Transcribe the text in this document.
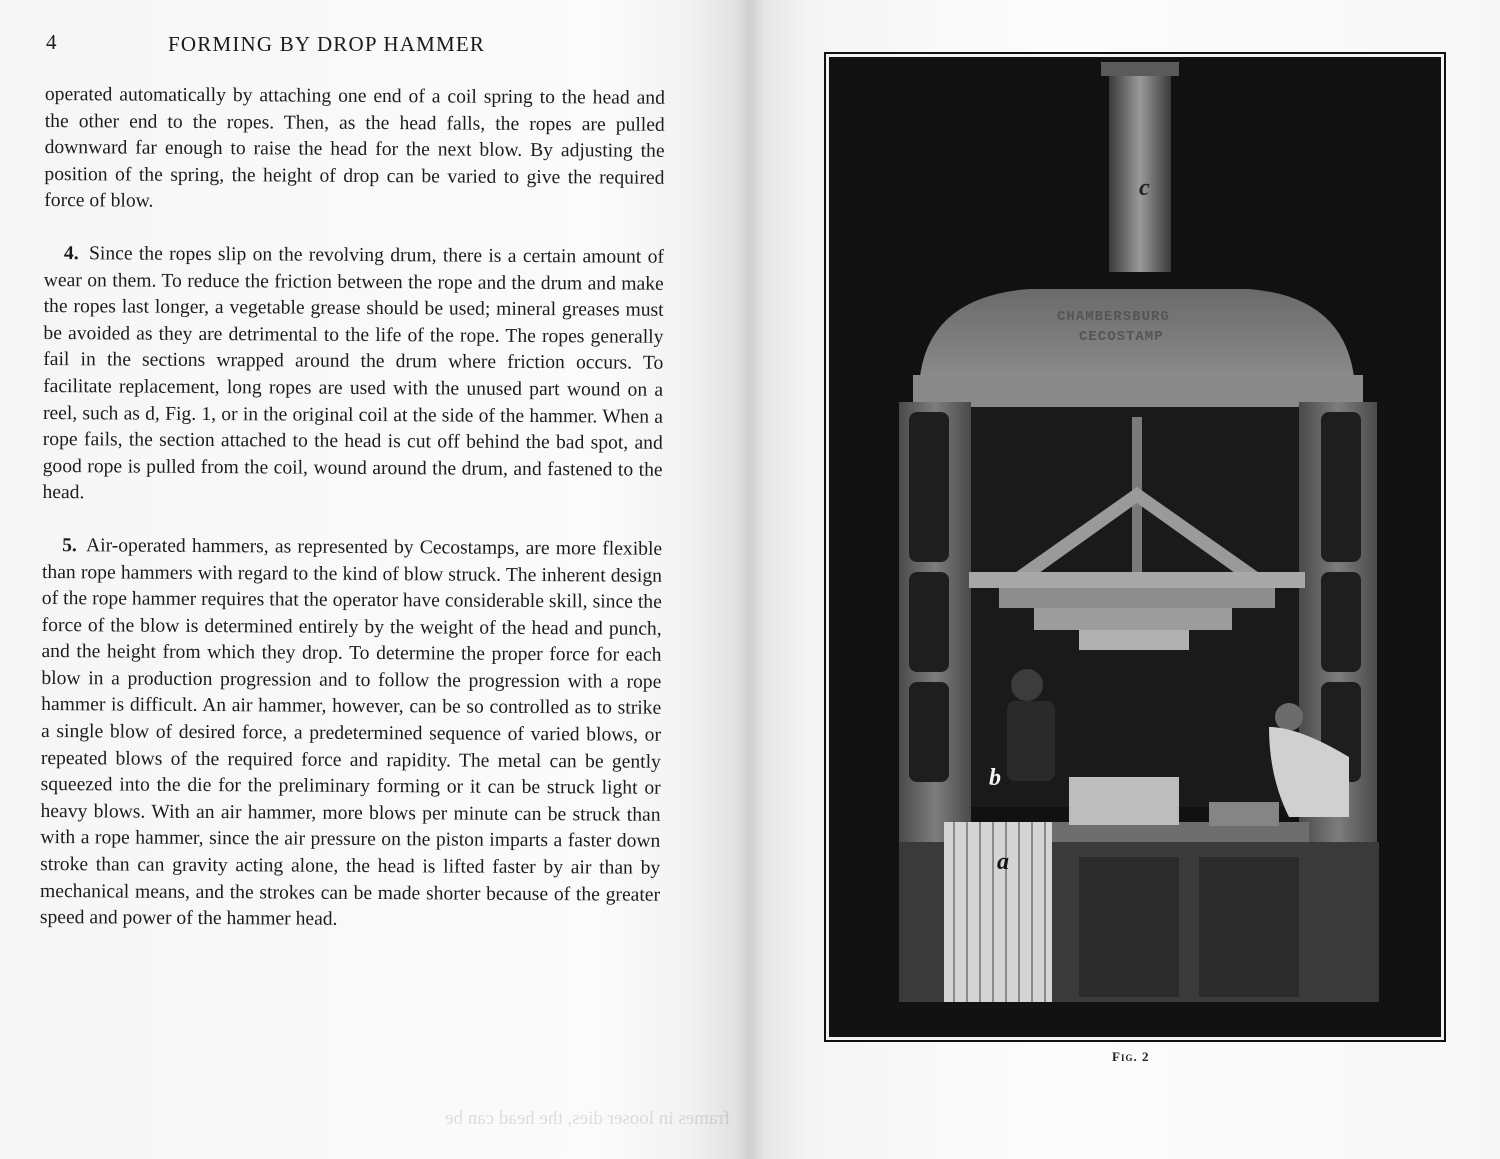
4	FORMING BY DROP HAMMER

operated automatically by attaching one end of a coil spring to the head and the other end to the ropes. Then, as the head falls, the ropes are pulled downward far enough to raise the head for the next blow. By adjusting the position of the spring, the height of drop can be varied to give the required force of blow.

4. Since the ropes slip on the revolving drum, there is a certain amount of wear on them. To reduce the friction between the rope and the drum and make the ropes last longer, a vegetable grease should be used; mineral greases must be avoided as they are detrimental to the life of the rope. The ropes generally fail in the sections wrapped around the drum where friction occurs. To facilitate replacement, long ropes are used with the unused part wound on a reel, such as d, Fig. 1, or in the original coil at the side of the hammer. When a rope fails, the section attached to the head is cut off behind the bad spot, and good rope is pulled from the coil, wound around the drum, and fastened to the head.

5. Air-operated hammers, as represented by Cecostamps, are more flexible than rope hammers with regard to the kind of blow struck. The inherent design of the rope hammer requires that the operator have considerable skill, since the force of the blow is determined entirely by the weight of the head and punch, and the height from which they drop. To determine the proper force for each blow in a production progression and to follow the progression with a rope hammer is difficult. An air hammer, however, can be so controlled as to strike a single blow of desired force, a predetermined sequence of varied blows, or repeated blows of the required force and rapidity. The metal can be gently squeezed into the die for the preliminary forming or it can be struck light or heavy blows. With an air hammer, more blows per minute can be struck than with a rope hammer, since the air pressure on the piston imparts a faster down stroke than can gravity acting alone, the head is lifted faster by air than by mechanical means, and the strokes can be made shorter because of the greater speed and power of the hammer head.

frames in looser dies, the head can be
CHAMBERSBURG
CECOSTAMP
c
b
a
Fig. 2
